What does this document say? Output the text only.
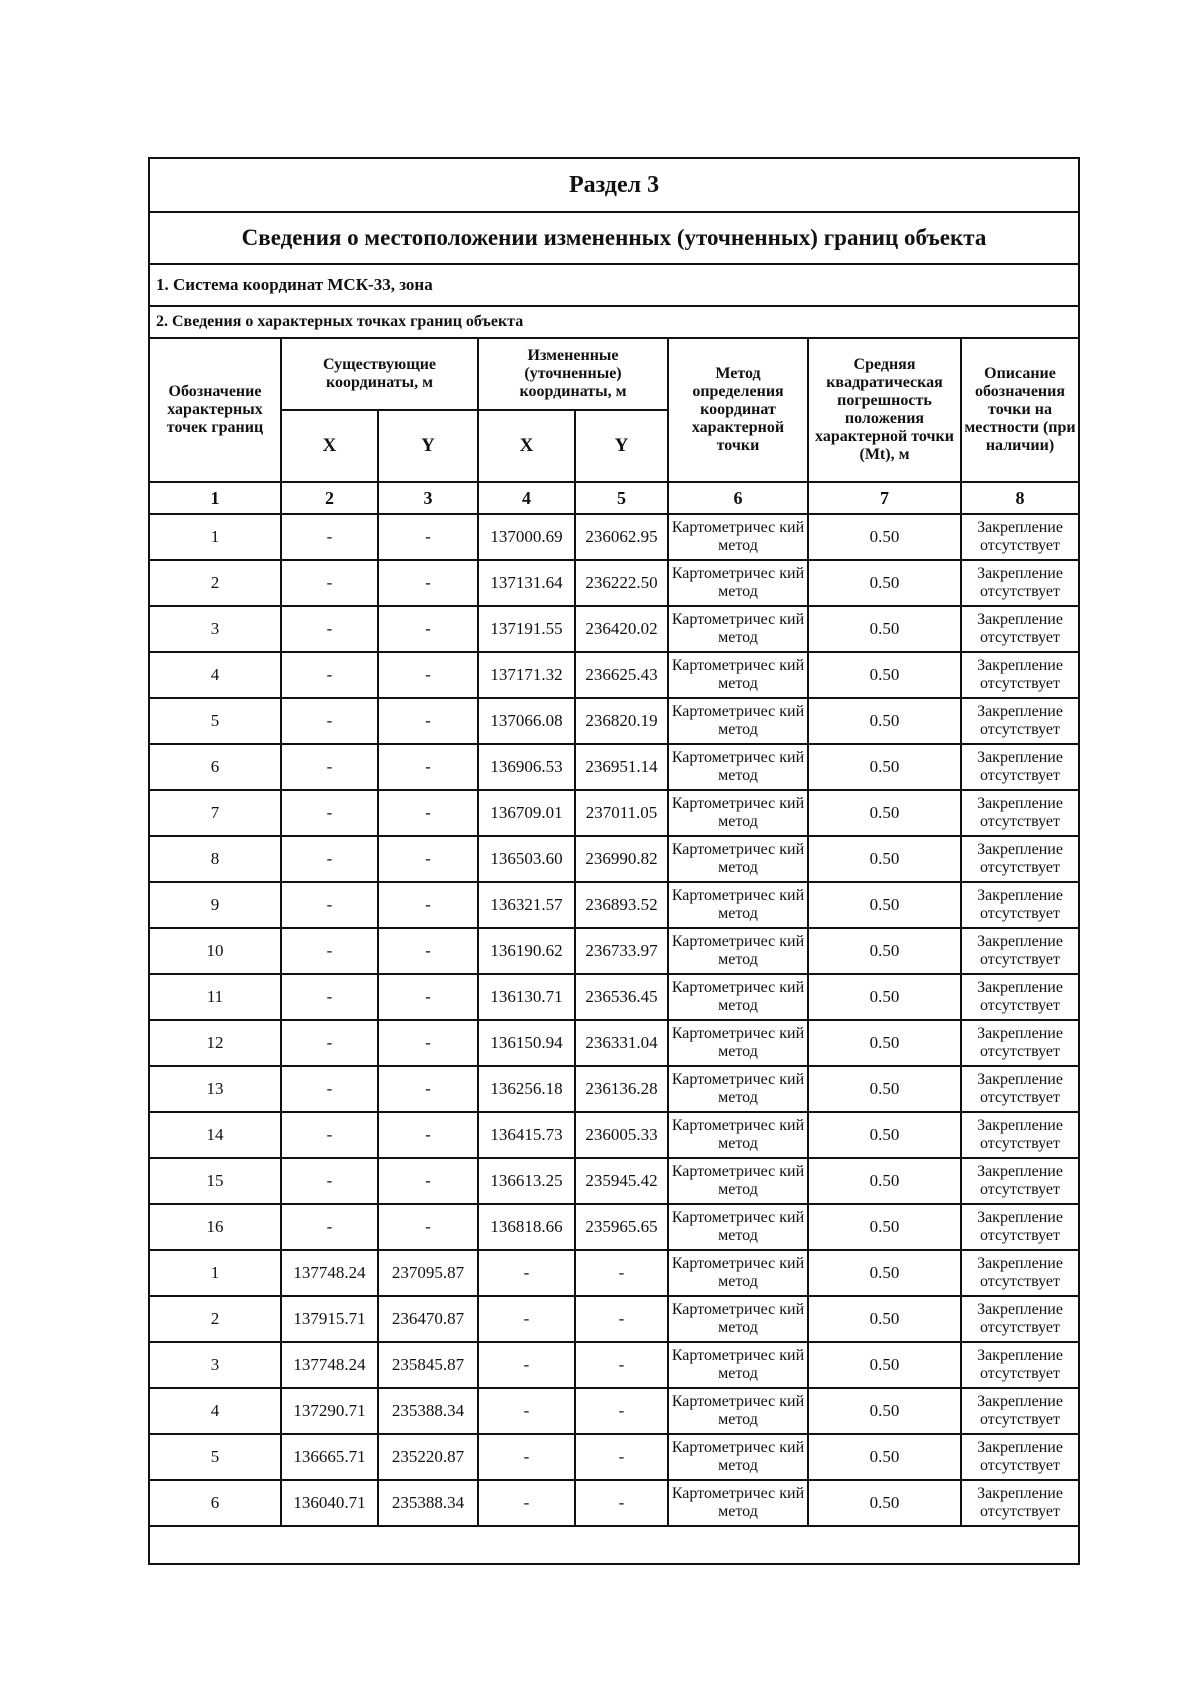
Раздел 3							
Сведения о местоположении измененных (уточненных) границ объекта							
1. Система координат МСК-33, зона							
2. Сведения о характерных точках границ объекта							
Обозначение характерных точек границ	Существующие координаты, м		Измененные (уточненные) координаты, м		Метод определения координат характерной точки	Средняя квадратическая погрешность положения характерной точки (Mt), м	Описание обозначения точки на местности (при наличии)
	X	Y	X	Y			
1	2	3	4	5	6	7	8
1	-	-	137000.69	236062.95	Картометричес кий метод	0.50	Закрепление отсутствует
2	-	-	137131.64	236222.50	Картометричес кий метод	0.50	Закрепление отсутствует
3	-	-	137191.55	236420.02	Картометричес кий метод	0.50	Закрепление отсутствует
4	-	-	137171.32	236625.43	Картометричес кий метод	0.50	Закрепление отсутствует
5	-	-	137066.08	236820.19	Картометричес кий метод	0.50	Закрепление отсутствует
6	-	-	136906.53	236951.14	Картометричес кий метод	0.50	Закрепление отсутствует
7	-	-	136709.01	237011.05	Картометричес кий метод	0.50	Закрепление отсутствует
8	-	-	136503.60	236990.82	Картометричес кий метод	0.50	Закрепление отсутствует
9	-	-	136321.57	236893.52	Картометричес кий метод	0.50	Закрепление отсутствует
10	-	-	136190.62	236733.97	Картометричес кий метод	0.50	Закрепление отсутствует
11	-	-	136130.71	236536.45	Картометричес кий метод	0.50	Закрепление отсутствует
12	-	-	136150.94	236331.04	Картометричес кий метод	0.50	Закрепление отсутствует
13	-	-	136256.18	236136.28	Картометричес кий метод	0.50	Закрепление отсутствует
14	-	-	136415.73	236005.33	Картометричес кий метод	0.50	Закрепление отсутствует
15	-	-	136613.25	235945.42	Картометричес кий метод	0.50	Закрепление отсутствует
16	-	-	136818.66	235965.65	Картометричес кий метод	0.50	Закрепление отсутствует
1	137748.24	237095.87	-	-	Картометричес кий метод	0.50	Закрепление отсутствует
2	137915.71	236470.87	-	-	Картометричес кий метод	0.50	Закрепление отсутствует
3	137748.24	235845.87	-	-	Картометричес кий метод	0.50	Закрепление отсутствует
4	137290.71	235388.34	-	-	Картометричес кий метод	0.50	Закрепление отсутствует
5	136665.71	235220.87	-	-	Картометричес кий метод	0.50	Закрепление отсутствует
6	136040.71	235388.34	-	-	Картометричес кий метод	0.50	Закрепление отсутствует
